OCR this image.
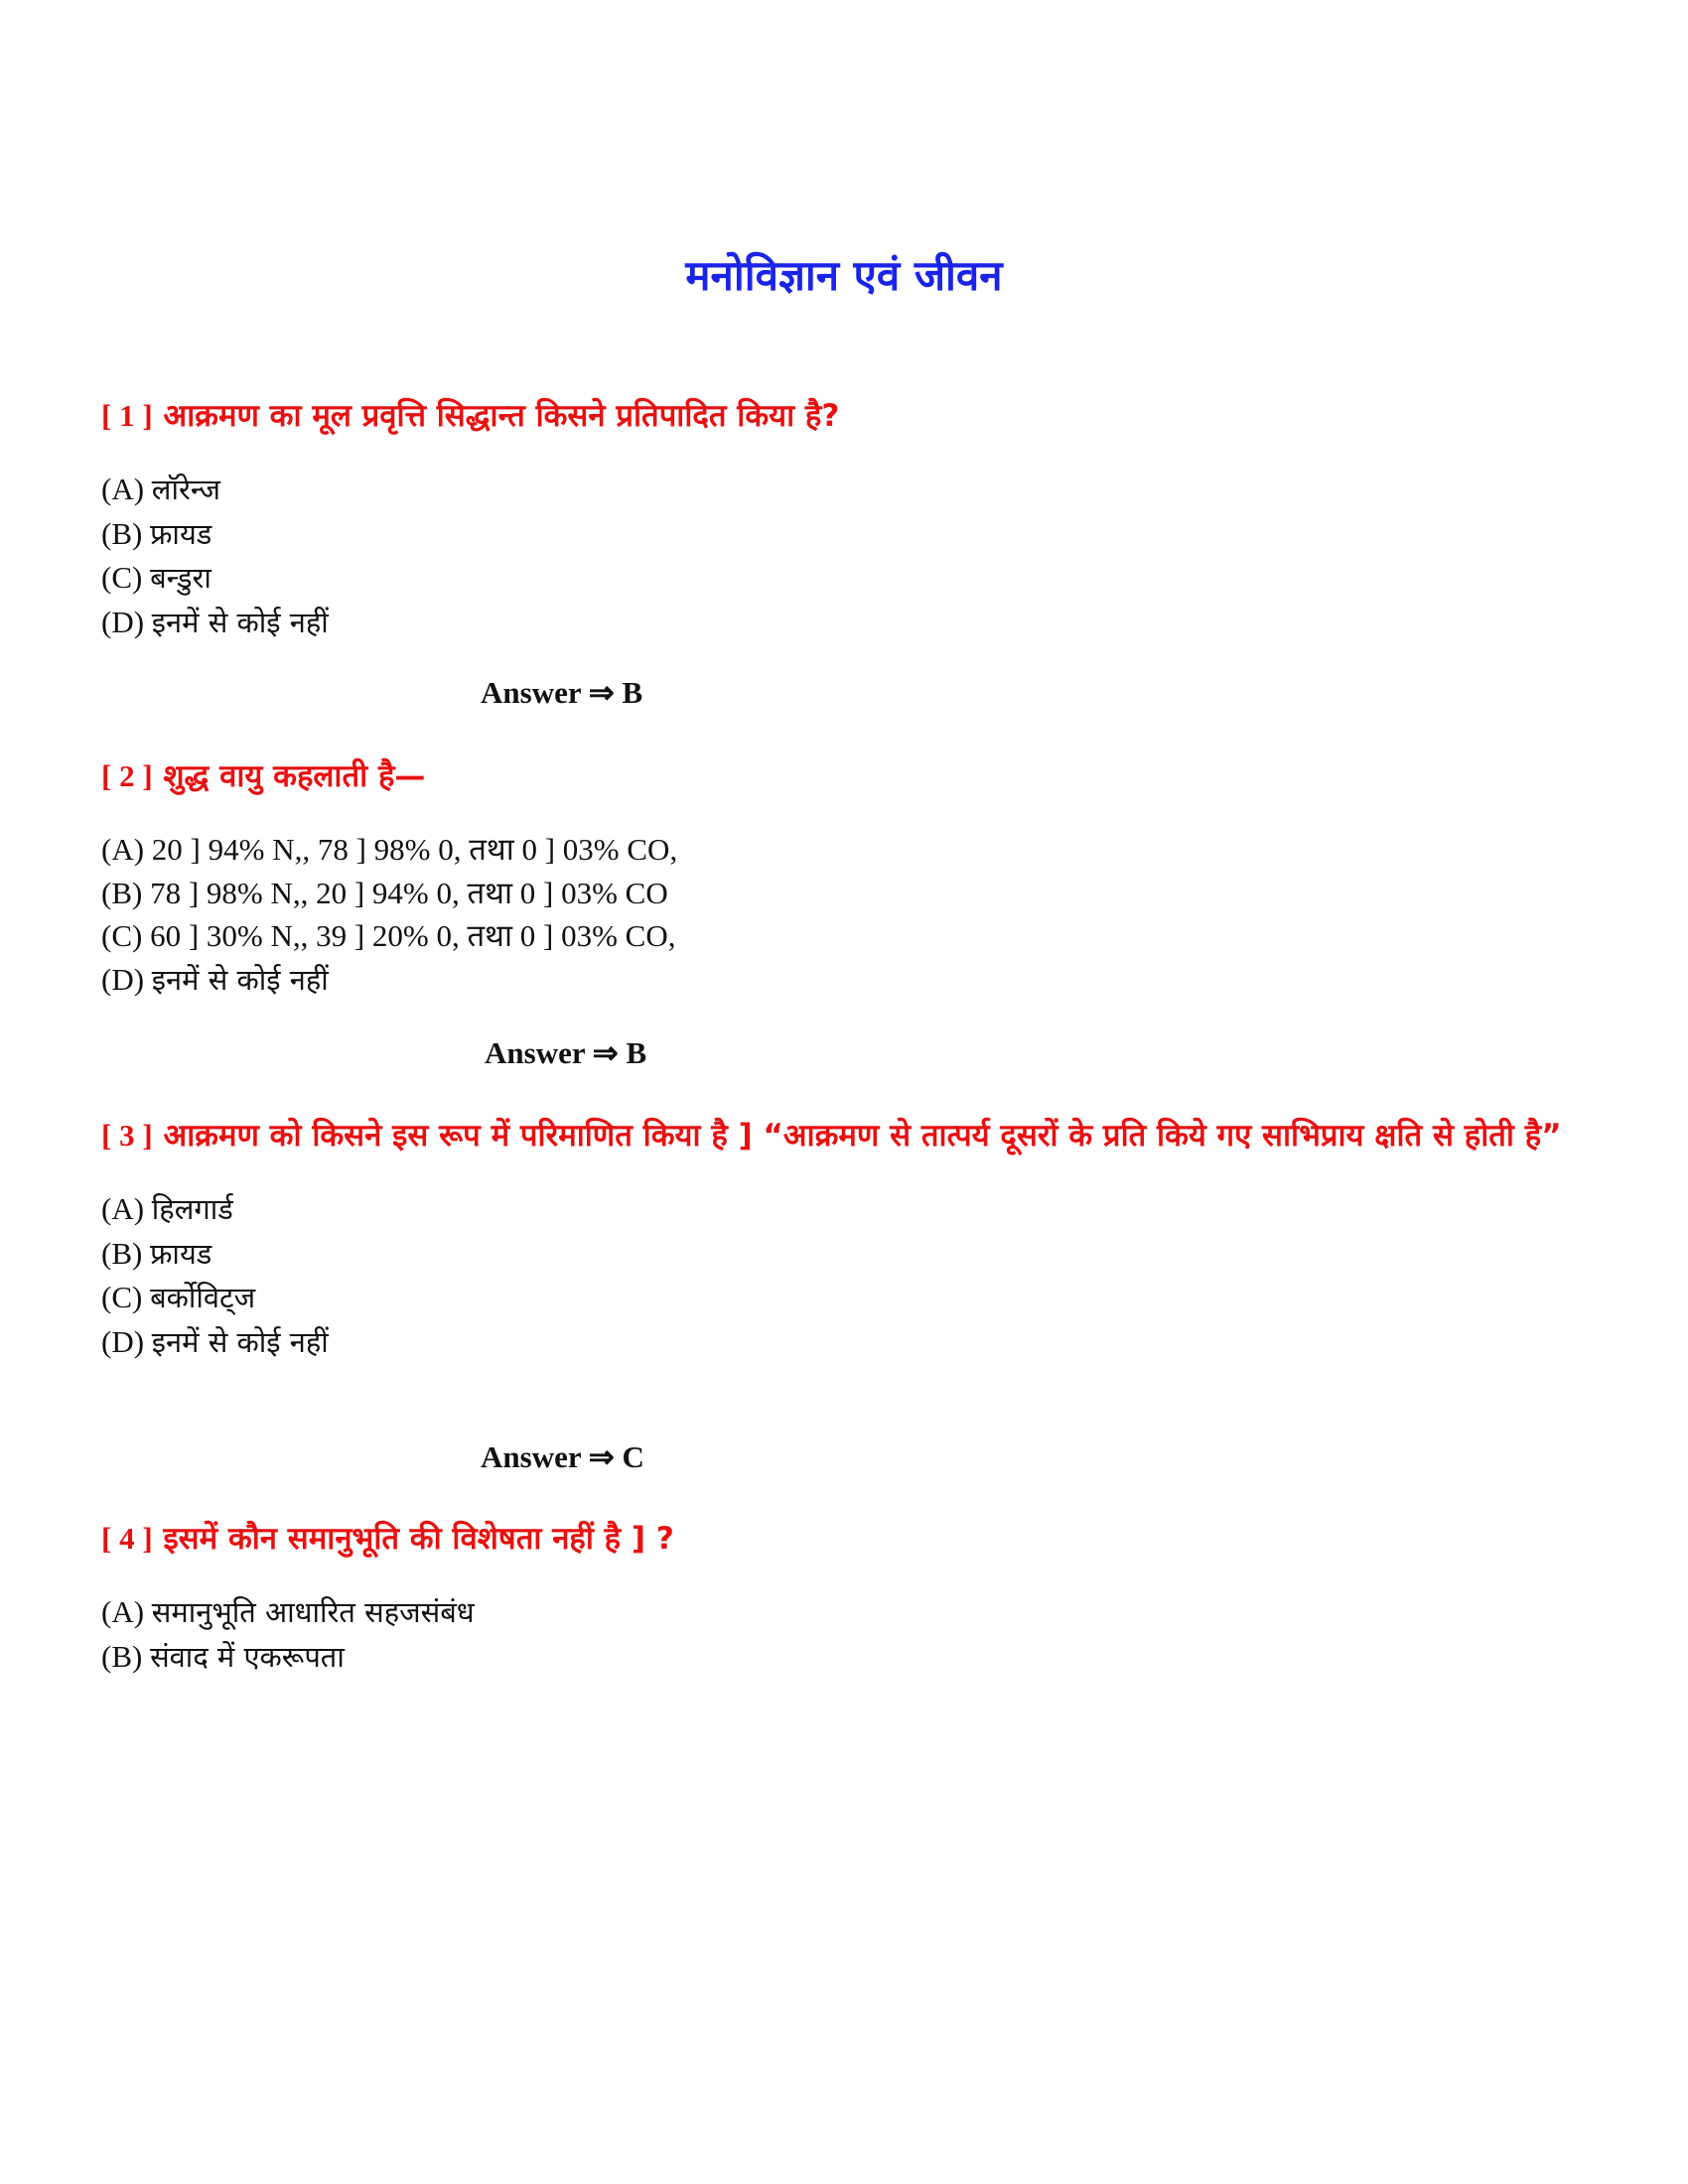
मनोविज्ञान एवं जीवन

[ 1 ] आक्रमण का मूल प्रवृत्ति सिद्धान्त किसने प्रतिपादित किया है?

(A) लॉरेन्ज
(B) फ्रायड
(C) बन्डुरा
(D) इनमें से कोई नहीं
Answer ⇒ B

[ 2 ] शुद्ध वायु कहलाती है—

(A) 20 ] 94% N,, 78 ] 98% 0, तथा 0 ] 03% CO,
(B) 78 ] 98% N,, 20 ] 94% 0, तथा 0 ] 03% CO
(C) 60 ] 30% N,, 39 ] 20% 0, तथा 0 ] 03% CO,
(D) इनमें से कोई नहीं
Answer ⇒ B

[ 3 ] आक्रमण को किसने इस रूप में परिमाणित किया है ] “आक्रमण से तात्पर्य दूसरों के प्रति किये गए साभिप्राय क्षति से होती है”

(A) हिलगार्ड
(B) फ्रायड
(C) बर्कोविट्ज
(D) इनमें से कोई नहीं
Answer ⇒ C

[ 4 ] इसमें कौन समानुभूति की विशेषता नहीं है ] ?

(A) समानुभूति आधारित सहजसंबंध
(B) संवाद में एकरूपता
